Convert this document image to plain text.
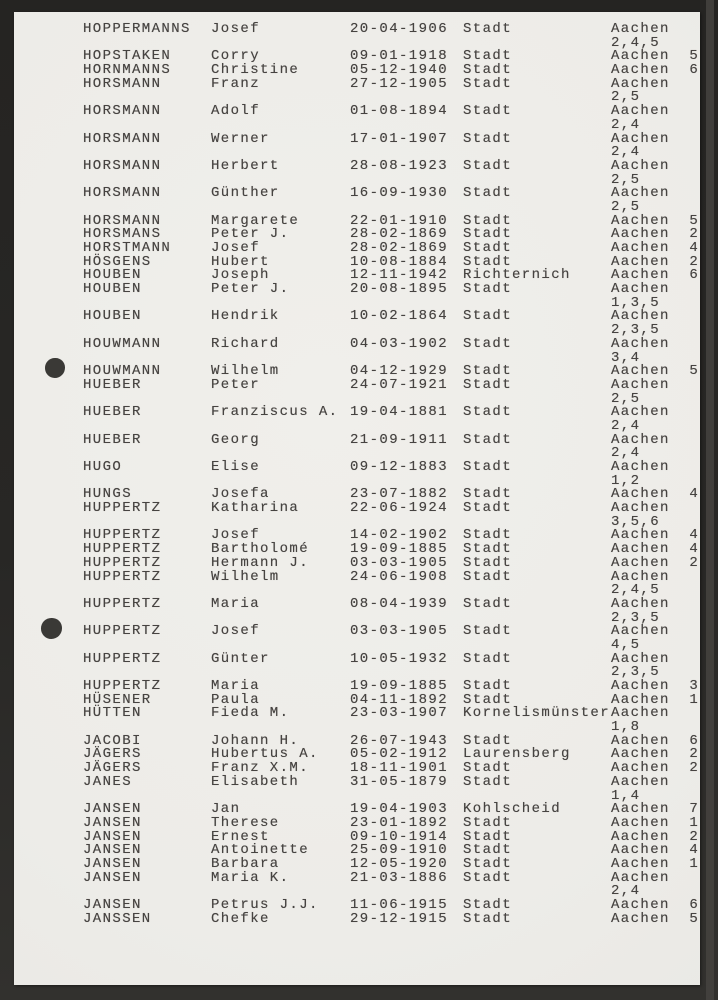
HOPPERMANNS Josef	20-04-1906 Stadt	Aachen
2,4,5
HOPSTAKEN	Corry	09-01-1918 Stadt	Aachen  5
HORNMANNS	Christine	05-12-1940 Stadt	Aachen  6
HORSMANN	Franz	27-12-1905 Stadt	Aachen
2,5
HORSMANN	Adolf	01-08-1894 Stadt	Aachen
2,4
HORSMANN	Werner	17-01-1907 Stadt	Aachen
2,4
HORSMANN	Herbert	28-08-1923 Stadt	Aachen
2,5
HORSMANN	Günther	16-09-1930 Stadt	Aachen
2,5
HORSMANN	Margarete	22-01-1910 Stadt	Aachen  5
HORSMANS	Peter J.	28-02-1869 Stadt	Aachen  2
HORSTMANN	Josef	28-02-1869 Stadt	Aachen  4
HÖSGENS	Hubert	10-08-1884 Stadt	Aachen  2
HOUBEN	Joseph	12-11-1942 Richternich	Aachen  6
HOUBEN	Peter J.	20-08-1895 Stadt	Aachen
1,3,5
HOUBEN	Hendrik	10-02-1864 Stadt	Aachen
2,3,5
HOUWMANN	Richard	04-03-1902 Stadt	Aachen
3,4
HOUWMANN	Wilhelm	04-12-1929 Stadt	Aachen  5
HUEBER	Peter	24-07-1921 Stadt	Aachen
2,5
HUEBER	Franziscus A. 19-04-1881 Stadt	Aachen
2,4
HUEBER	Georg	21-09-1911 Stadt	Aachen
2,4
HUGO	Elise	09-12-1883 Stadt	Aachen
1,2
HUNGS	Josefa	23-07-1882 Stadt	Aachen  4
HUPPERTZ	Katharina	22-06-1924 Stadt	Aachen
3,5,6
HUPPERTZ	Josef	14-02-1902 Stadt	Aachen  4
HUPPERTZ	Bartholomé	19-09-1885 Stadt	Aachen  4
HUPPERTZ	Hermann J.	03-03-1905 Stadt	Aachen  2
HUPPERTZ	Wilhelm	24-06-1908 Stadt	Aachen
2,4,5
HUPPERTZ	Maria	08-04-1939 Stadt	Aachen
2,3,5
HUPPERTZ	Josef	03-03-1905 Stadt	Aachen
4,5
HUPPERTZ	Günter	10-05-1932 Stadt	Aachen
2,3,5
HUPPERTZ	Maria	19-09-1885 Stadt	Aachen  3
HÜSENER	Paula	04-11-1892 Stadt	Aachen  1
HÜTTEN	Fieda M.	23-03-1907 Kornelismünster Aachen
1,8
JACOBI	Johann H.	26-07-1943 Stadt	Aachen  6
JÄGERS	Hubertus A. 05-02-1912 Laurensberg	Aachen  2
JÄGERS	Franz X.M.	18-11-1901 Stadt	Aachen  2
JANES	Elisabeth	31-05-1879 Stadt	Aachen
1,4
JANSEN	Jan	19-04-1903 Kohlscheid	Aachen  7
JANSEN	Therese	23-01-1892 Stadt	Aachen  1
JANSEN	Ernest	09-10-1914 Stadt	Aachen  2
JANSEN	Antoinette	25-09-1910 Stadt	Aachen  4
JANSEN	Barbara	12-05-1920 Stadt	Aachen  1
JANSEN	Maria K.	21-03-1886 Stadt	Aachen
2,4
JANSEN	Petrus J.J. 11-06-1915 Stadt	Aachen  6
JANSSEN	Chefke	29-12-1915 Stadt	Aachen  5
